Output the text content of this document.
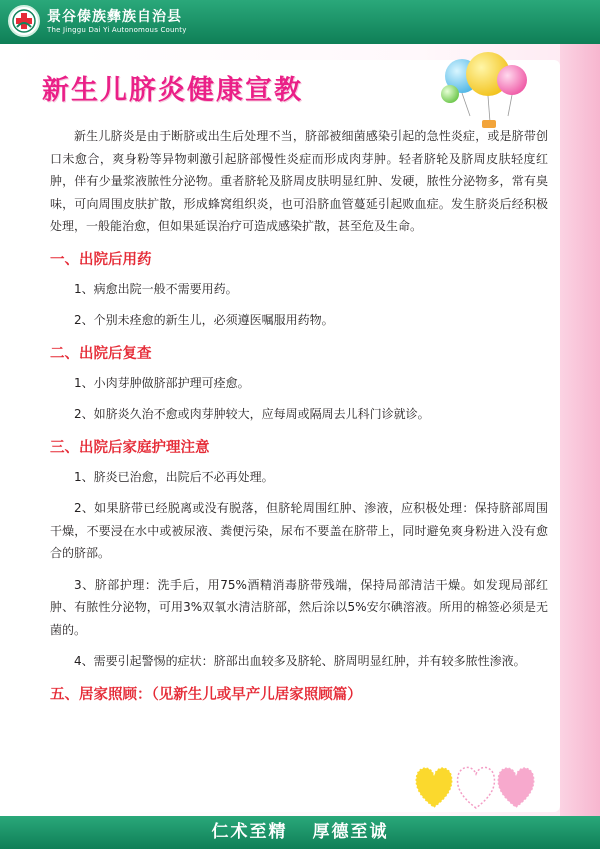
景谷傣族彝族自治县
The Jinggu Dai Yi Autonomous County
新生儿脐炎健康宣教

新生儿脐炎是由于断脐或出生后处理不当，脐部被细菌感染引起的急性炎症，或是脐带创口未愈合，爽身粉等异物刺激引起脐部慢性炎症而形成肉芽肿。轻者脐轮及脐周皮肤轻度红肿，伴有少量浆液脓性分泌物。重者脐轮及脐周皮肤明显红肿、发硬，脓性分泌物多，常有臭味，可向周围皮肤扩散，形成蜂窝组织炎，也可沿脐血管蔓延引起败血症。发生脐炎后经积极处理，一般能治愈，但如果延误治疗可造成感染扩散，甚至危及生命。

一、出院后用药

1、病愈出院一般不需要用药。

2、个别未痊愈的新生儿，必须遵医嘱服用药物。

二、出院后复查

1、小肉芽肿做脐部护理可痊愈。

2、如脐炎久治不愈或肉芽肿较大，应每周或隔周去儿科门诊就诊。

三、出院后家庭护理注意

1、脐炎已治愈，出院后不必再处理。

2、如果脐带已经脱离或没有脱落，但脐轮周围红肿、渗液，应积极处理：保持脐部周围干燥，不要浸在水中或被尿液、粪便污染，尿布不要盖在脐带上，同时避免爽身粉进入没有愈合的脐部。

3、脐部护理：洗手后，用75%酒精消毒脐带残端，保持局部清洁干燥。如发现局部红肿、有脓性分泌物，可用3%双氧水清洁脐部，然后涂以5%安尔碘溶液。所用的棉签必须是无菌的。

4、需要引起警惕的症状：脐部出血较多及脐轮、脐周明显红肿，并有较多脓性渗液。

五、居家照顾：（见新生儿或早产儿居家照顾篇）
仁术至精 厚德至诚
